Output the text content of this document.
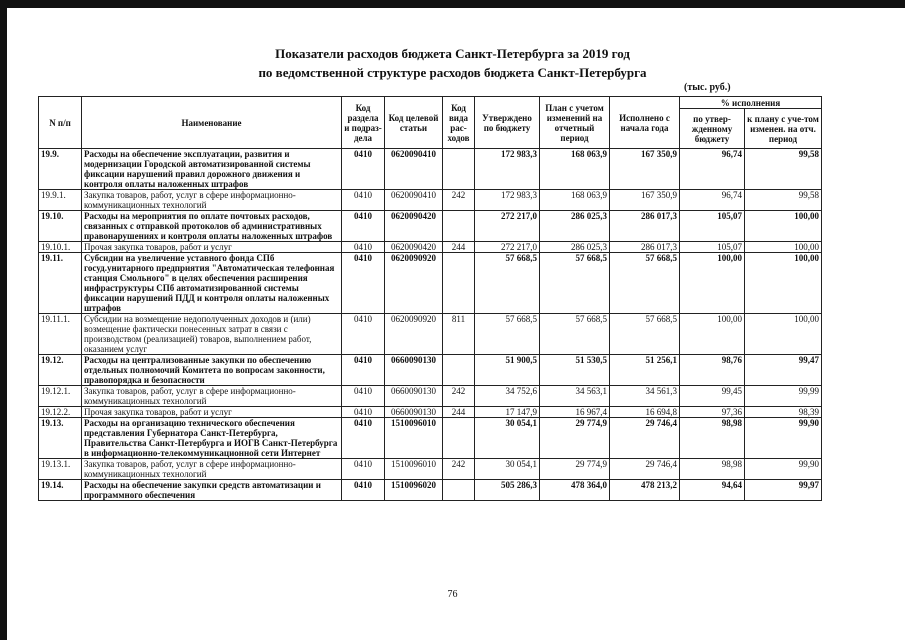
Показатели расходов бюджета Санкт-Петербурга за 2019 год
по ведомственной структуре расходов бюджета Санкт-Петербурга
(тыс. руб.)
N п/п	Наименование	Код раздела и подраз-дела	Код целевой статьи	Код вида рас-ходов	Утверждено по бюджету	План с учетом изменений на отчетный период	Исполнено с начала года	% исполнения	
								по утвер-жденному бюджету	к плану с уче-том изменен. на отч. период
19.9.	Расходы на обеспечение эксплуатации, развития и модернизации Городской автоматизированной системы фиксации нарушений правил дорожного движения и контроля оплаты наложенных штрафов	0410	0620090410		172 983,3	168 063,9	167 350,9	96,74	99,58
19.9.1.	Закупка товаров, работ, услуг в сфере информационно-коммуникационных технологий	0410	0620090410	242	172 983,3	168 063,9	167 350,9	96,74	99,58
19.10.	Расходы на мероприятия по оплате почтовых расходов, связанных с отправкой протоколов об административных правонарушениях и контроля оплаты наложенных штрафов	0410	0620090420		272 217,0	286 025,3	286 017,3	105,07	100,00
19.10.1.	Прочая закупка товаров, работ и услуг	0410	0620090420	244	272 217,0	286 025,3	286 017,3	105,07	100,00
19.11.	Субсидии на увеличение уставного фонда СПб госуд.унитарного предприятия "Автоматическая телефонная станция Смольного" в целях обеспечения расширения инфраструктуры СПб автоматизированной системы фиксации нарушений ПДД и контроля оплаты наложенных штрафов	0410	0620090920		57 668,5	57 668,5	57 668,5	100,00	100,00
19.11.1.	Субсидии на возмещение недополученных доходов и (или) возмещение фактически понесенных затрат в связи с производством (реализацией) товаров, выполнением работ, оказанием услуг	0410	0620090920	811	57 668,5	57 668,5	57 668,5	100,00	100,00
19.12.	Расходы на централизованные закупки по обеспечению отдельных полномочий Комитета по вопросам законности, правопорядка и безопасности	0410	0660090130		51 900,5	51 530,5	51 256,1	98,76	99,47
19.12.1.	Закупка товаров, работ, услуг в сфере информационно-коммуникационных технологий	0410	0660090130	242	34 752,6	34 563,1	34 561,3	99,45	99,99
19.12.2.	Прочая закупка товаров, работ и услуг	0410	0660090130	244	17 147,9	16 967,4	16 694,8	97,36	98,39
19.13.	Расходы на организацию технического обеспечения представления Губернатора Санкт-Петербурга, Правительства Санкт-Петербурга и ИОГВ Санкт-Петербурга в информационно-телекоммуникационной сети Интернет	0410	1510096010		30 054,1	29 774,9	29 746,4	98,98	99,90
19.13.1.	Закупка товаров, работ, услуг в сфере информационно-коммуникационных технологий	0410	1510096010	242	30 054,1	29 774,9	29 746,4	98,98	99,90
19.14.	Расходы на обеспечение закупки средств автоматизации и программного обеспечения	0410	1510096020		505 286,3	478 364,0	478 213,2	94,64	99,97
76
